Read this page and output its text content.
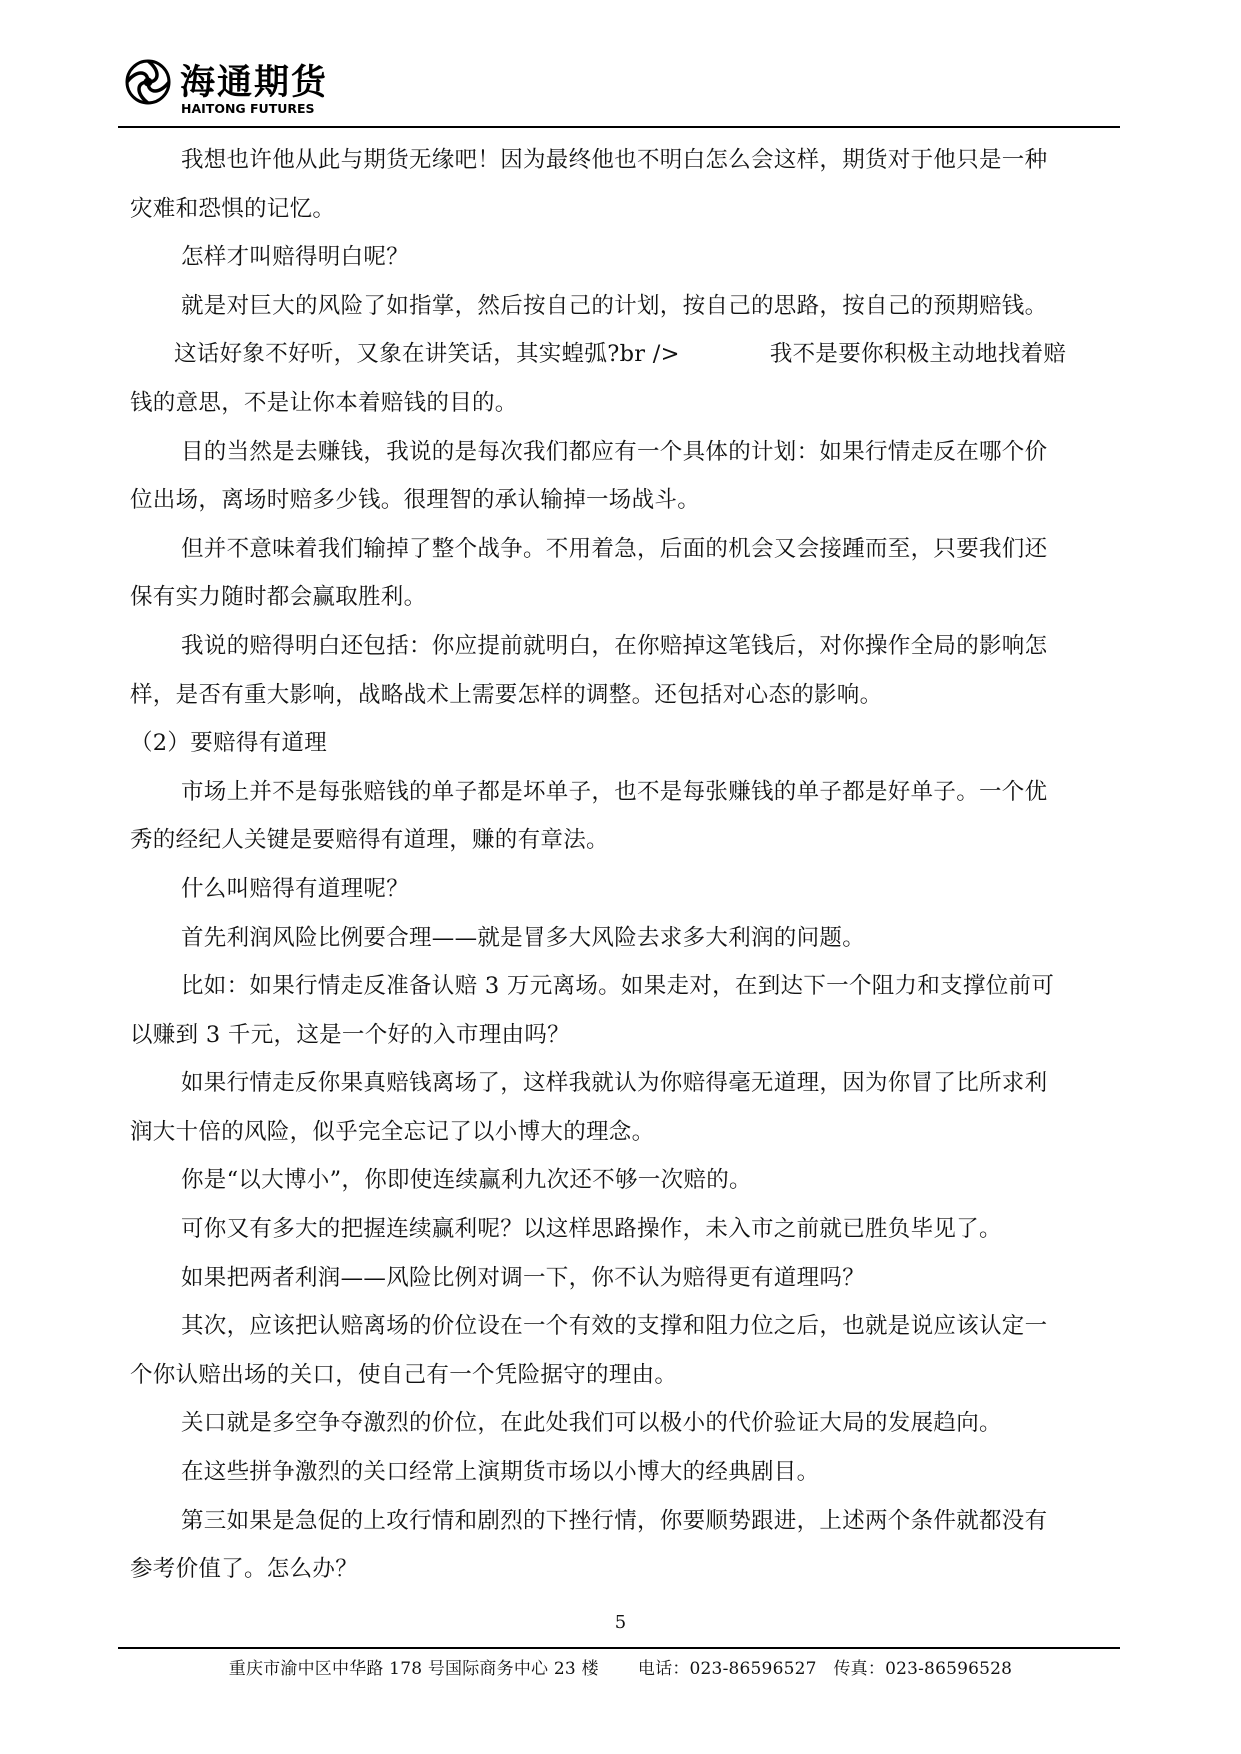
海通期货
HAITONG FUTURES

我想也许他从此与期货无缘吧！因为最终他也不明白怎么会这样，期货对于他只是一种

灾难和恐惧的记忆。

怎样才叫赔得明白呢？

就是对巨大的风险了如指掌，然后按自己的计划，按自己的思路，按自己的预期赔钱。

这话好象不好听，又象在讲笑话，其实蝗弧?br />	我不是要你积极主动地找着赔

钱的意思，不是让你本着赔钱的目的。

目的当然是去赚钱，我说的是每次我们都应有一个具体的计划：如果行情走反在哪个价

位出场，离场时赔多少钱。很理智的承认输掉一场战斗。

但并不意味着我们输掉了整个战争。不用着急，后面的机会又会接踵而至，只要我们还

保有实力随时都会赢取胜利。

我说的赔得明白还包括：你应提前就明白，在你赔掉这笔钱后，对你操作全局的影响怎

样，是否有重大影响，战略战术上需要怎样的调整。还包括对心态的影响。

（2）要赔得有道理

市场上并不是每张赔钱的单子都是坏单子，也不是每张赚钱的单子都是好单子。一个优

秀的经纪人关键是要赔得有道理，赚的有章法。

什么叫赔得有道理呢？

首先利润风险比例要合理——就是冒多大风险去求多大利润的问题。

比如：如果行情走反准备认赔 3 万元离场。如果走对，在到达下一个阻力和支撑位前可

以赚到 3 千元，这是一个好的入市理由吗？

如果行情走反你果真赔钱离场了，这样我就认为你赔得毫无道理，因为你冒了比所求利

润大十倍的风险，似乎完全忘记了以小博大的理念。

你是“以大博小”，你即使连续赢利九次还不够一次赔的。

可你又有多大的把握连续赢利呢？以这样思路操作，未入市之前就已胜负毕见了。

如果把两者利润——风险比例对调一下，你不认为赔得更有道理吗？

其次，应该把认赔离场的价位设在一个有效的支撑和阻力位之后，也就是说应该认定一

个你认赔出场的关口，使自己有一个凭险据守的理由。

关口就是多空争夺激烈的价位，在此处我们可以极小的代价验证大局的发展趋向。

在这些拼争激烈的关口经常上演期货市场以小博大的经典剧目。

第三如果是急促的上攻行情和剧烈的下挫行情，你要顺势跟进，上述两个条件就都没有

参考价值了。怎么办？

5
重庆市渝中区中华路 178 号国际商务中心 23 楼 电话：023-86596527 传真：023-86596528
